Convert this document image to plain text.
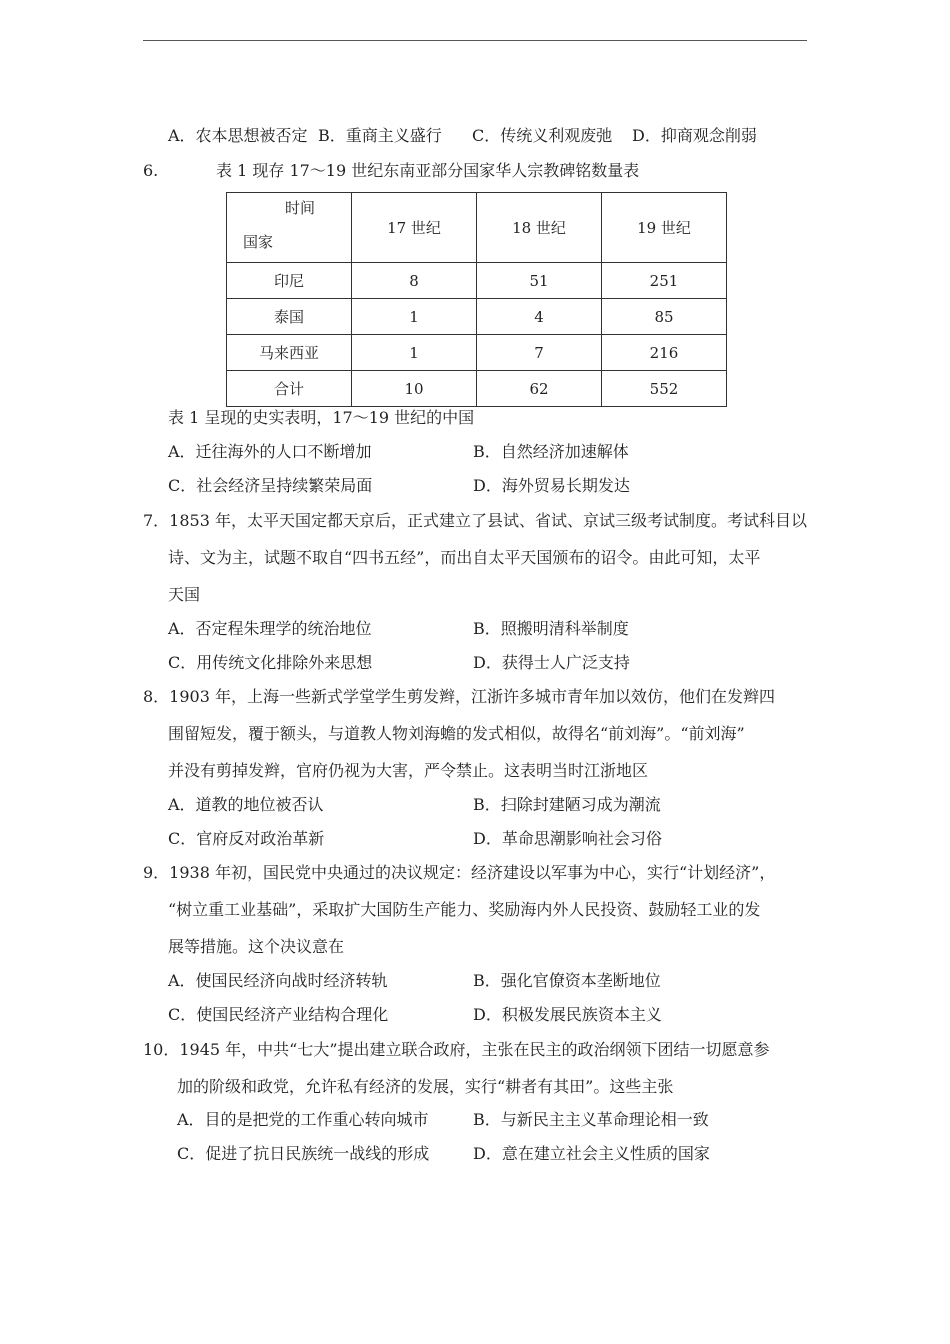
A．农本思想被否定 B．重商主义盛行 C．传统义利观废弛 D．抑商观念削弱
6.	表 1 现存 17～19 世纪东南亚部分国家华人宗教碑铭数量表
时间
国家	17 世纪	18 世纪	19 世纪
印尼	8	51	251
泰国	1	4	85
马来西亚	1	7	216
合计	10	62	552
表 1 呈现的史实表明，17～19 世纪的中国
A．迁往海外的人口不断增加	B．自然经济加速解体
C．社会经济呈持续繁荣局面	D．海外贸易长期发达
7．1853 年，太平天国定都天京后，正式建立了县试、省试、京试三级考试制度。考试科目以
诗、文为主，试题不取自“四书五经”，而出自太平天国颁布的诏令。由此可知，太平
天国
A．否定程朱理学的统治地位	B．照搬明清科举制度
C．用传统文化排除外来思想	D．获得士人广泛支持
8．1903 年，上海一些新式学堂学生剪发辫，江浙许多城市青年加以效仿，他们在发辫四
围留短发，覆于额头，与道教人物刘海蟾的发式相似，故得名“前刘海”。“前刘海”
并没有剪掉发辫，官府仍视为大害，严令禁止。这表明当时江浙地区
A．道教的地位被否认	B．扫除封建陋习成为潮流
C．官府反对政治革新	D．革命思潮影响社会习俗
9．1938 年初，国民党中央通过的决议规定：经济建设以军事为中心，实行“计划经济”，
“树立重工业基础”，采取扩大国防生产能力、奖励海内外人民投资、鼓励轻工业的发
展等措施。这个决议意在
A．使国民经济向战时经济转轨	B．强化官僚资本垄断地位
C．使国民经济产业结构合理化	D．积极发展民族资本主义
10．1945 年，中共“七大”提出建立联合政府，主张在民主的政治纲领下团结一切愿意参
加的阶级和政党，允许私有经济的发展，实行“耕者有其田”。这些主张
A．目的是把党的工作重心转向城市	B．与新民主主义革命理论相一致
C．促进了抗日民族统一战线的形成	D．意在建立社会主义性质的国家
